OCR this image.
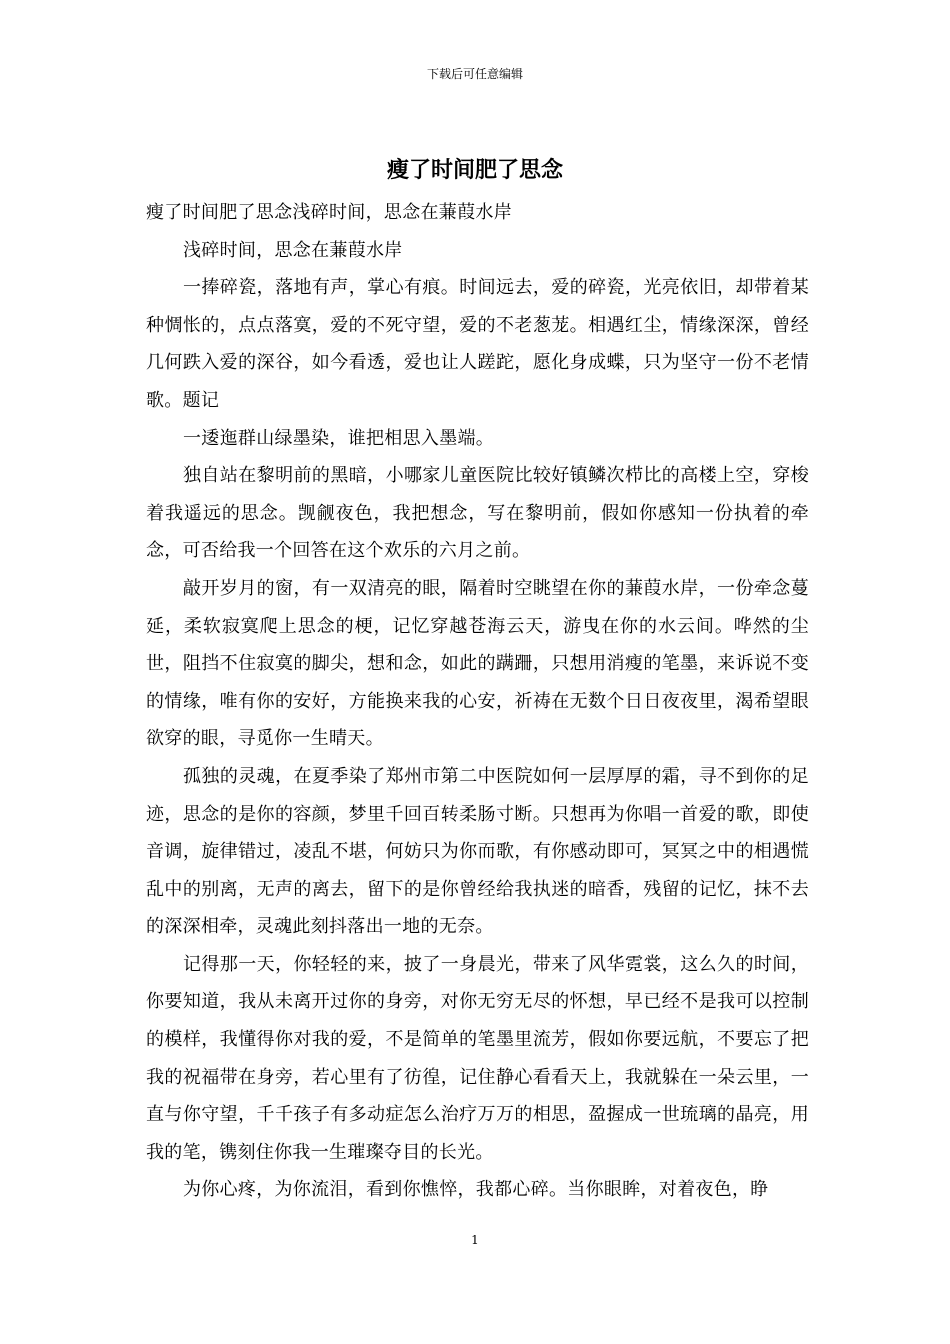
下载后可任意编辑
瘦了时间肥了思念

瘦了时间肥了思念浅碎时间，思念在蒹葭水岸

浅碎时间，思念在蒹葭水岸

一捧碎瓷，落地有声，掌心有痕。时间远去，爱的碎瓷，光亮依旧，却带着某种惆怅的，点点落寞，爱的不死守望，爱的不老葱茏。相遇红尘，情缘深深，曾经几何跌入爱的深谷，如今看透，爱也让人蹉跎，愿化身成蝶，只为坚守一份不老情歌。题记

一逶迤群山绿墨染，谁把相思入墨端。

独自站在黎明前的黑暗，小哪家儿童医院比较好镇鳞次栉比的高楼上空，穿梭着我遥远的思念。觊觎夜色，我把想念，写在黎明前，假如你感知一份执着的牵念，可否给我一个回答在这个欢乐的六月之前。

敲开岁月的窗，有一双清亮的眼，隔着时空眺望在你的蒹葭水岸，一份牵念蔓延，柔软寂寞爬上思念的梗，记忆穿越苍海云天，游曳在你的水云间。哗然的尘世，阻挡不住寂寞的脚尖，想和念，如此的蹒跚，只想用消瘦的笔墨，来诉说不变的情缘，唯有你的安好，方能换来我的心安，祈祷在无数个日日夜夜里，渴希望眼欲穿的眼，寻觅你一生晴天。

孤独的灵魂，在夏季染了郑州市第二中医院如何一层厚厚的霜，寻不到你的足迹，思念的是你的容颜，梦里千回百转柔肠寸断。只想再为你唱一首爱的歌，即使音调，旋律错过，凌乱不堪，何妨只为你而歌，有你感动即可，冥冥之中的相遇慌乱中的别离，无声的离去，留下的是你曾经给我执迷的暗香，残留的记忆，抹不去的深深相牵，灵魂此刻抖落出一地的无奈。

记得那一天，你轻轻的来，披了一身晨光，带来了风华霓裳，这么久的时间，你要知道，我从未离开过你的身旁，对你无穷无尽的怀想，早已经不是我可以控制的模样，我懂得你对我的爱，不是简单的笔墨里流芳，假如你要远航，不要忘了把我的祝福带在身旁，若心里有了彷徨，记住静心看看天上，我就躲在一朵云里，一直与你守望，千千孩子有多动症怎么治疗万万的相思，盈握成一世琉璃的晶亮，用我的笔，镌刻住你我一生璀璨夺目的长光。

为你心疼，为你流泪，看到你憔悴，我都心碎。当你眼眸，对着夜色，睁

1
